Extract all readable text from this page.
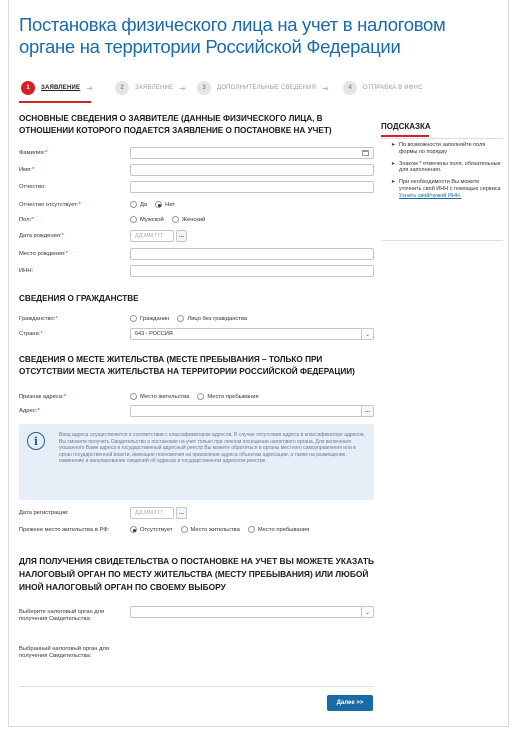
Постановка физического лица на учет в налоговом органе на территории Российской Федерации
1	ЗАЯВЛЕНИЕ ➔	2	ЗАЯВЛЕНИЕ ➔	3	ДОПОЛНИТЕЛЬНЫЕ СВЕДЕНИЯ ➔	4	ОТПРАВКА В ИФНС
ОСНОВНЫЕ СВЕДЕНИЯ О ЗАЯВИТЕЛЕ (ДАННЫЕ ФИЗИЧЕСКОГО ЛИЦА, В ОТНОШЕНИИ КОТОРОГО ПОДАЕТСЯ ЗАЯВЛЕНИЕ О ПОСТАНОВКЕ НА УЧЕТ)
Фамилия:*
Имя:*
Отчество:
Отчество отсутствует:*	Да	Нет
Пол:*	Мужской	Женский
Дата рождения:*	ДД.ММ.ГГГ	...
Место рождения:*
ИНН:
СВЕДЕНИЯ О ГРАЖДАНСТВЕ
Гражданство:*	Гражданин	Лицо без гражданства
Страна:*	643 - РОССИЯ	⌄
СВЕДЕНИЯ О МЕСТЕ ЖИТЕЛЬСТВА (МЕСТЕ ПРЕБЫВАНИЯ – ТОЛЬКО ПРИ ОТСУТСТВИИ МЕСТА ЖИТЕЛЬСТВА НА ТЕРРИТОРИИ РОССИЙСКОЙ ФЕДЕРАЦИИ)
Признак адреса:*	Место жительства	Место пребывания
Адрес:*	...
i	Ввод адреса осуществляется в соответствии с классификатором адресов. В случае отсутствия адреса в классификаторе адресов, Вы сможете получить Свидетельство о постановке на учет только при личном посещении налогового органа. Для включения указанного Вами адреса в государственный адресный реестр Вы можете обратиться в органы местного самоуправления или в орган государственной власти, имеющие полномочия на присвоение адреса объектам адресации, а также на размещение, изменение и аннулирование сведений об адресах в государственном адресном реестре.
Дата регистрации:	ДД.ММ.ГГГ	...
Прежнее место жительства в РФ:	Отсутствует	Место жительства	Место пребывания
ДЛЯ ПОЛУЧЕНИЯ СВИДЕТЕЛЬСТВА О ПОСТАНОВКЕ НА УЧЕТ ВЫ МОЖЕТЕ УКАЗАТЬ НАЛОГОВЫЙ ОРГАН ПО МЕСТУ ЖИТЕЛЬСТВА (МЕСТУ ПРЕБЫВАНИЯ) ИЛИ ЛЮБОЙ ИНОЙ НАЛОГОВЫЙ ОРГАН ПО СВОЕМУ ВЫБОРУ
Выберите налоговый орган для получения Свидетельства:
⌄
Выбранный налоговый орган для получения Свидетельства:
Далее >>
ПОДСКАЗКА
➤ По возможности заполняйте поля формы по порядку
➤ Знаком * отмечены поля, обязательные для заполнения.
➤ При необходимости Вы можете уточнить свой ИНН с помощью сервиса Узнать свой/чужой ИНН.
